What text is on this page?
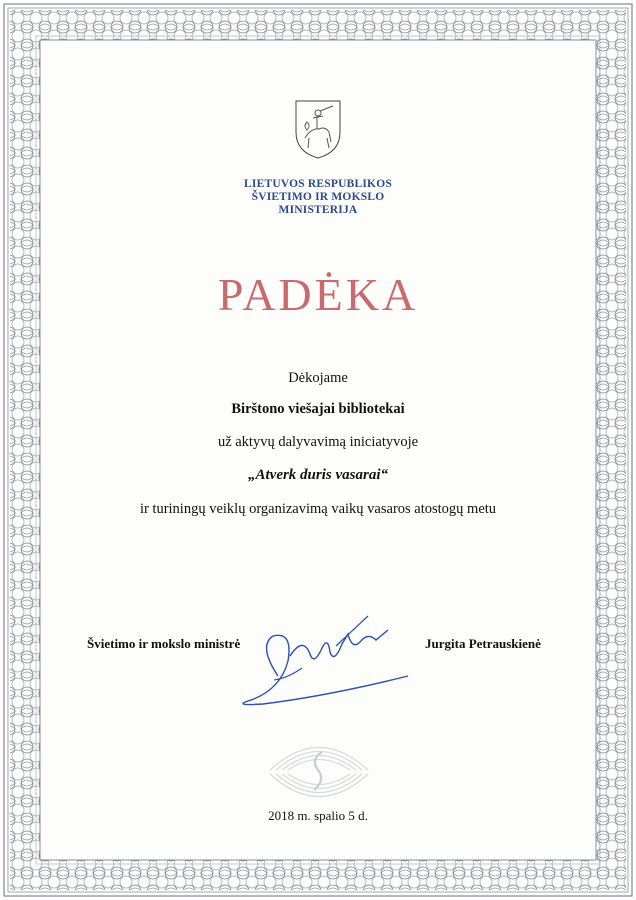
LIETUVOS RESPUBLIKOS
ŠVIETIMO IR MOKSLO
MINISTERIJA
PADĖKA
Dėkojame
Birštono viešajai bibliotekai
už aktyvų dalyvavimą iniciatyvoje
„Atverk duris vasarai“
ir turiningų veiklų organizavimą vaikų vasaros atostogų metu
Švietimo ir mokslo ministrė	Jurgita Petrauskienė
2018 m. spalio 5 d.
